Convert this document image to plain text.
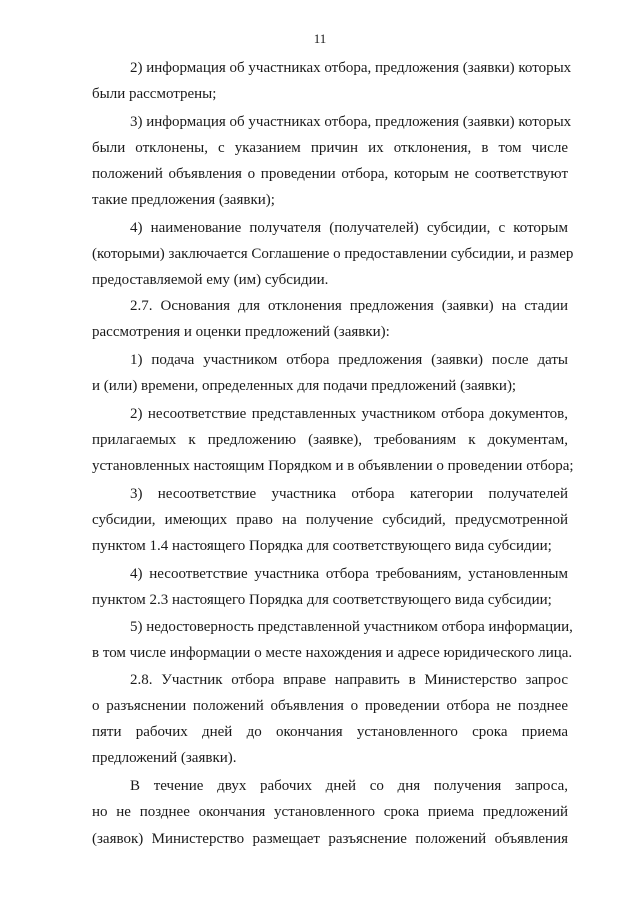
11
2) информация об участниках отбора, предложения (заявки) которых
были рассмотрены;
3) информация об участниках отбора, предложения (заявки) которых
были отклонены, с указанием причин их отклонения, в том числе
положений объявления о проведении отбора, которым не соответствуют
такие предложения (заявки);
4) наименование получателя (получателей) субсидии, с которым
(которыми) заключается Соглашение о предоставлении субсидии, и размер
предоставляемой ему (им) субсидии.
2.7. Основания для отклонения предложения (заявки) на стадии
рассмотрения и оценки предложений (заявки):
1) подача участником отбора предложения (заявки) после даты
и (или) времени, определенных для подачи предложений (заявки);
2) несоответствие представленных участником отбора документов,
прилагаемых к предложению (заявке), требованиям к документам,
установленных настоящим Порядком и в объявлении о проведении отбора;
3) несоответствие участника отбора категории получателей
субсидии, имеющих право на получение субсидий, предусмотренной
пунктом 1.4 настоящего Порядка для соответствующего вида субсидии;
4) несоответствие участника отбора требованиям, установленным
пунктом 2.3 настоящего Порядка для соответствующего вида субсидии;
5) недостоверность представленной участником отбора информации,
в том числе информации о месте нахождения и адресе юридического лица.
2.8. Участник отбора вправе направить в Министерство запрос
о разъяснении положений объявления о проведении отбора не позднее
пяти рабочих дней до окончания установленного срока приема
предложений (заявки).
В течение двух рабочих дней со дня получения запроса,
но не позднее окончания установленного срока приема предложений
(заявок) Министерство размещает разъяснение положений объявления
